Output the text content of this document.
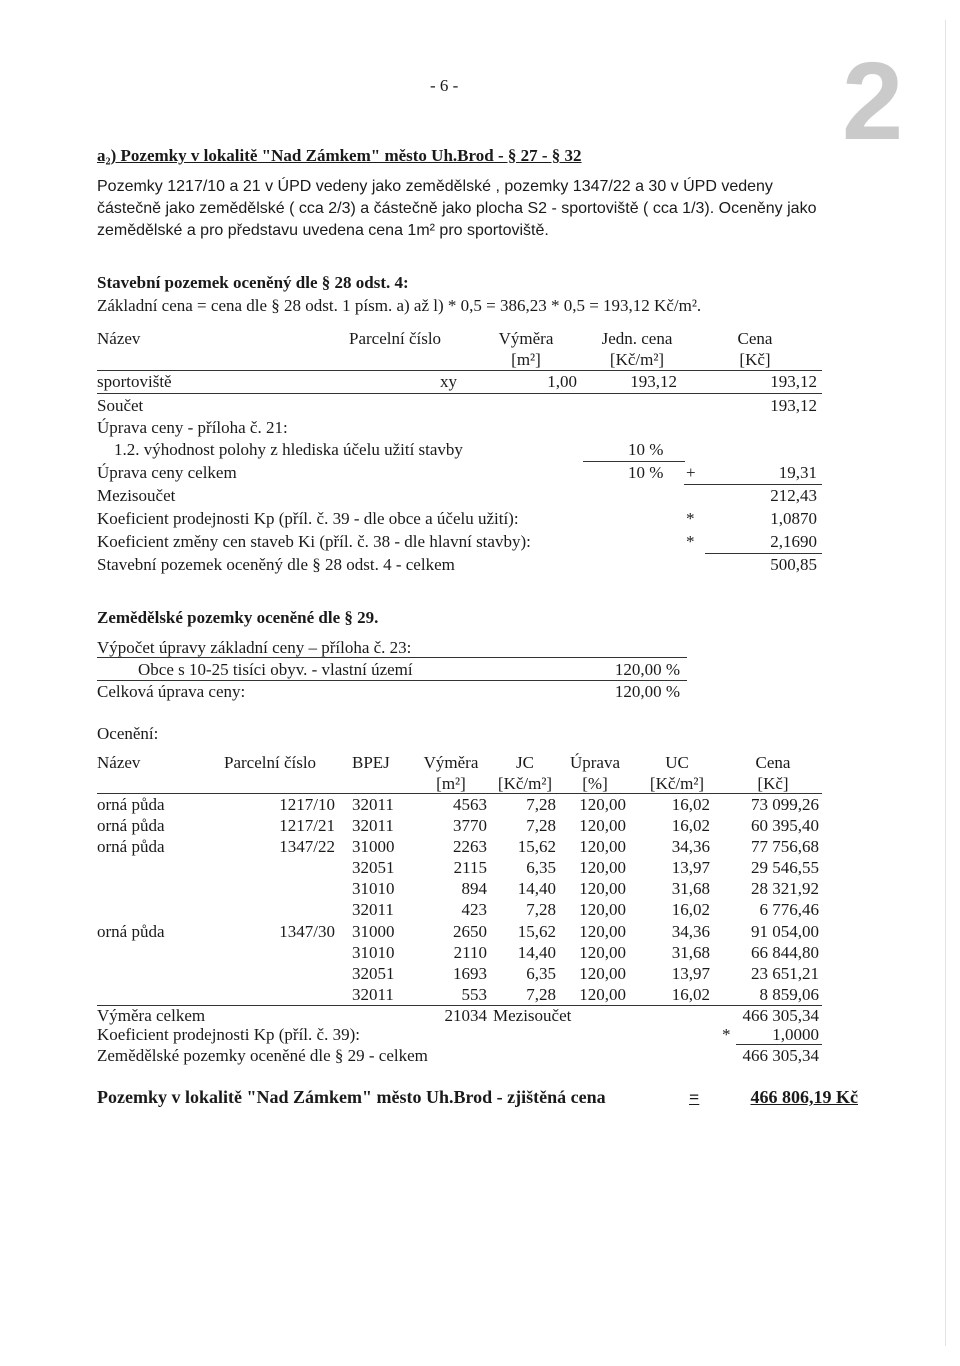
2
- 6 -
a₂) Pozemky v lokalitě "Nad Zámkem" město Uh.Brod - § 27 - § 32
Pozemky 1217/10 a 21 v ÚPD vedeny jako zemědělské , pozemky 1347/22 a 30 v ÚPD vedeny
částečně jako zemědělské ( cca 2/3) a částečně jako plocha S2 - sportoviště ( cca 1/3). Oceněny jako
zemědělské a pro představu uvedena cena 1m² pro sportoviště.
Stavební pozemek oceněný dle § 28 odst. 4:
Základní cena = cena dle § 28 odst. 1 písm. a) až l) * 0,5 = 386,23 * 0,5 = 193,12 Kč/m².
Název	Parcelní číslo	Výměra	Jedn. cena	Cena
[m²]	[Kč/m²]	[Kč]
sportoviště	xy	1,00	193,12	193,12
Součet	193,12
Úprava ceny - příloha č. 21:
1.2. výhodnost polohy z hlediska účelu užití stavby	10 %
Úprava ceny celkem	10 % +	19,31
Mezisoučet	212,43
Koeficient prodejnosti Kp (příl. č. 39 - dle obce a účelu užití):	*	1,0870
Koeficient změny cen staveb Ki (příl. č. 38 - dle hlavní stavby):	*	2,1690
Stavební pozemek oceněný dle § 28 odst. 4 - celkem	500,85
Zemědělské pozemky oceněné dle § 29.
Výpočet úpravy základní ceny – příloha č. 23:
Obce s 10-25 tisíci obyv. - vlastní území	120,00 %
Celková úprava ceny:	120,00 %
Ocenění:
Název	Parcelní číslo BPEJ	Výměra	JC	Úprava	UC	Cena
[m²]	[Kč/m²]	[%]	[Kč/m²]	[Kč]
orná půda	1217/10 32011	4563	7,28	120,00	16,02	73 099,26
orná půda	1217/21 32011	3770	7,28	120,00	16,02	60 395,40
orná půda	1347/22 31000	2263	15,62	120,00	34,36	77 756,68
32051	2115	6,35	120,00	13,97	29 546,55
31010	894	14,40	120,00	31,68	28 321,92
32011	423	7,28	120,00	16,02	6 776,46
orná půda	1347/30 31000	2650	15,62	120,00	34,36	91 054,00
31010	2110	14,40	120,00	31,68	66 844,80
32051	1693	6,35	120,00	13,97	23 651,21
32011	553	7,28	120,00	16,02	8 859,06
Výměra celkem	21034 Mezisoučet	466 305,34
Koeficient prodejnosti Kp (příl. č. 39):	*	1,0000
Zemědělské pozemky oceněné dle § 29 - celkem	466 305,34
Pozemky v lokalitě "Nad Zámkem" město Uh.Brod - zjištěná cena	=	466 806,19 Kč
